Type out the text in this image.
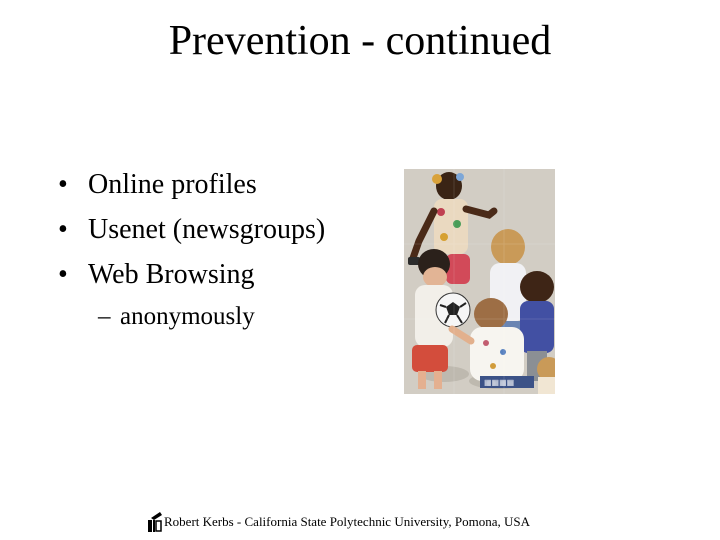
Prevention - continued
• Online profiles
• Usenet (newsgroups)
• Web Browsing
– anonymously
▦▦▦▦
Robert Kerbs - California State Polytechnic University, Pomona, USA
